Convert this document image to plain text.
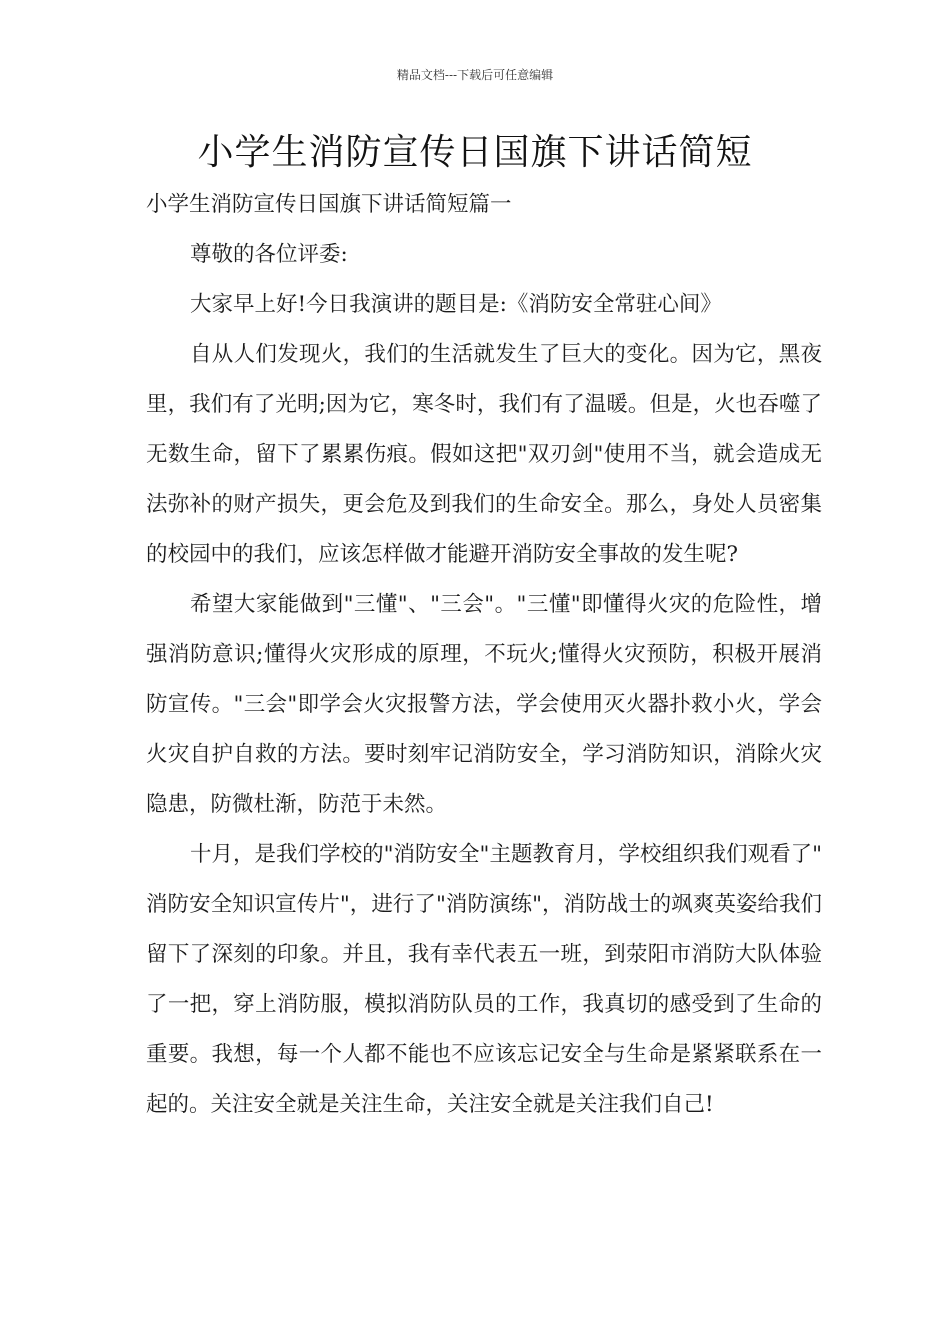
精品文档---下载后可任意编辑
小学生消防宣传日国旗下讲话简短

小学生消防宣传日国旗下讲话简短篇一

尊敬的各位评委:

大家早上好!今日我演讲的题目是:《消防安全常驻心间》

自从人们发现火，我们的生活就发生了巨大的变化。因为它，黑夜里，我们有了光明;因为它，寒冬时，我们有了温暖。但是，火也吞噬了无数生命，留下了累累伤痕。假如这把"双刃剑"使用不当，就会造成无法弥补的财产损失，更会危及到我们的生命安全。那么，身处人员密集的校园中的我们，应该怎样做才能避开消防安全事故的发生呢?

希望大家能做到"三懂"、"三会"。"三懂"即懂得火灾的危险性，增强消防意识;懂得火灾形成的原理，不玩火;懂得火灾预防，积极开展消防宣传。"三会"即学会火灾报警方法，学会使用灭火器扑救小火，学会火灾自护自救的方法。要时刻牢记消防安全，学习消防知识，消除火灾隐患，防微杜渐，防范于未然。

十月，是我们学校的"消防安全"主题教育月，学校组织我们观看了"消防安全知识宣传片"，进行了"消防演练"，消防战士的飒爽英姿给我们留下了深刻的印象。并且，我有幸代表五一班，到荥阳市消防大队体验了一把，穿上消防服，模拟消防队员的工作，我真切的感受到了生命的重要。我想，每一个人都不能也不应该忘记安全与生命是紧紧联系在一起的。关注安全就是关注生命，关注安全就是关注我们自己!
